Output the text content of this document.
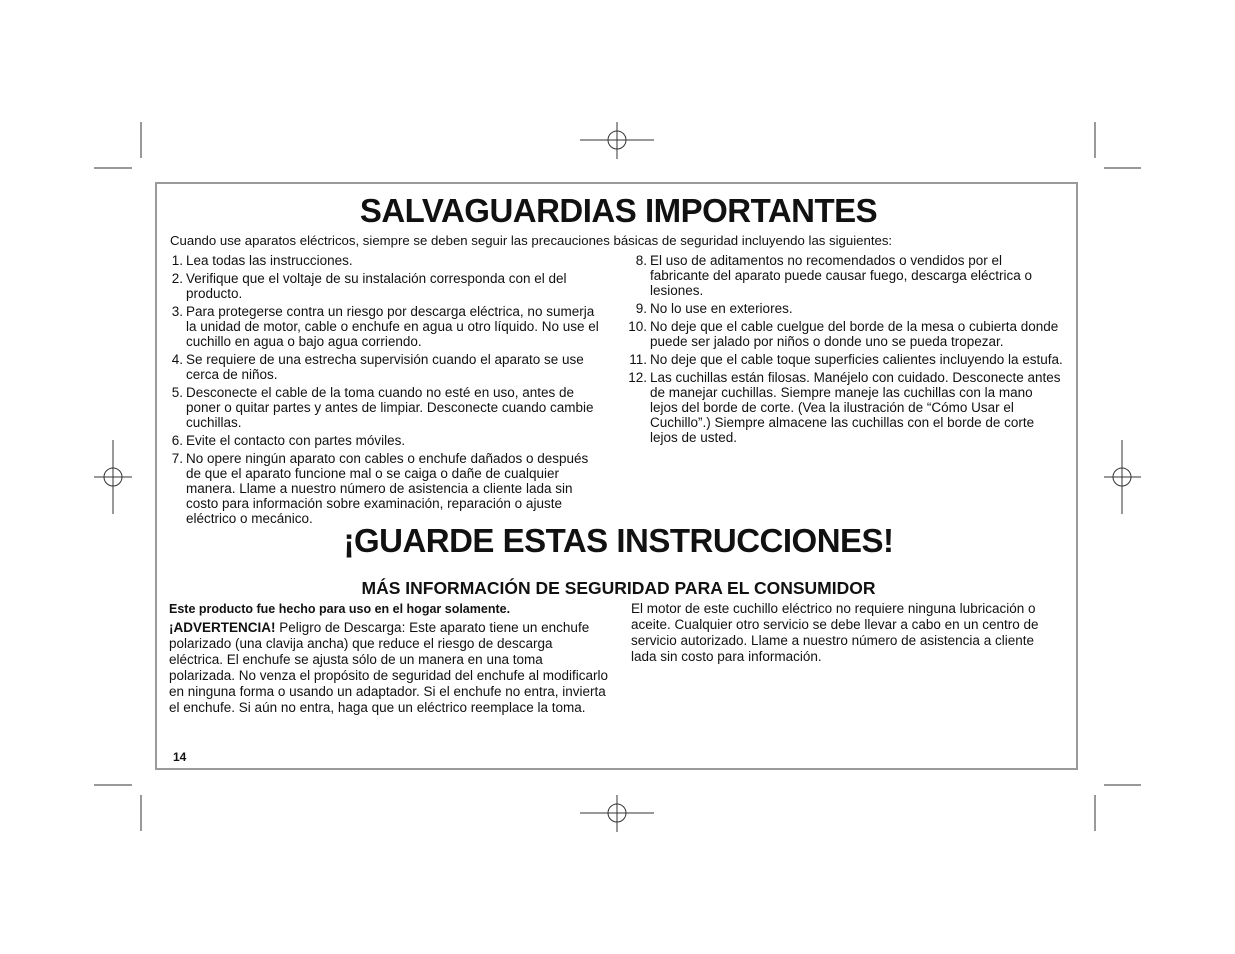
SALVAGUARDIAS IMPORTANTES

Cuando use aparatos eléctricos, siempre se deben seguir las precauciones básicas de seguridad incluyendo las siguientes:

1. Lea todas las instrucciones.
2. Verifique que el voltaje de su instalación corresponda con el del producto.
3. Para protegerse contra un riesgo por descarga eléctrica, no sumerja la unidad de motor, cable o enchufe en agua u otro líquido. No use el cuchillo en agua o bajo agua corriendo.
4. Se requiere de una estrecha supervisión cuando el aparato se use cerca de niños.
5. Desconecte el cable de la toma cuando no esté en uso, antes de poner o quitar partes y antes de limpiar. Desconecte cuando cambie cuchillas.
6. Evite el contacto con partes móviles.
7. No opere ningún aparato con cables o enchufe dañados o después de que el aparato funcione mal o se caiga o dañe de cualquier manera. Llame a nuestro número de asistencia a cliente lada sin costo para información sobre examinación, reparación o ajuste eléctrico o mecánico.
8. El uso de aditamentos no recomendados o vendidos por el fabricante del aparato puede causar fuego, descarga eléctrica o lesiones.
9. No lo use en exteriores.
10. No deje que el cable cuelgue del borde de la mesa o cubierta donde puede ser jalado por niños o donde uno se pueda tropezar.
11. No deje que el cable toque superficies calientes incluyendo la estufa.
12. Las cuchillas están filosas. Manéjelo con cuidado. Desconecte antes de manejar cuchillas. Siempre maneje las cuchillas con la mano lejos del borde de corte. (Vea la ilustración de “Cómo Usar el Cuchillo”.) Siempre almacene las cuchillas con el borde de corte lejos de usted.
¡GUARDE ESTAS INSTRUCCIONES!
MÁS INFORMACIÓN DE SEGURIDAD PARA EL CONSUMIDOR

Este producto fue hecho para uso en el hogar solamente.

¡ADVERTENCIA! Peligro de Descarga: Este aparato tiene un enchufe polarizado (una clavija ancha) que reduce el riesgo de descarga eléctrica. El enchufe se ajusta sólo de un manera en una toma polarizada. No venza el propósito de seguridad del enchufe al modificarlo en ninguna forma o usando un adaptador. Si el enchufe no entra, invierta el enchufe. Si aún no entra, haga que un eléctrico reemplace la toma.

El motor de este cuchillo eléctrico no requiere ninguna lubricación o aceite. Cualquier otro servicio se debe llevar a cabo en un centro de servicio autorizado. Llame a nuestro número de asistencia a cliente lada sin costo para información.

14
